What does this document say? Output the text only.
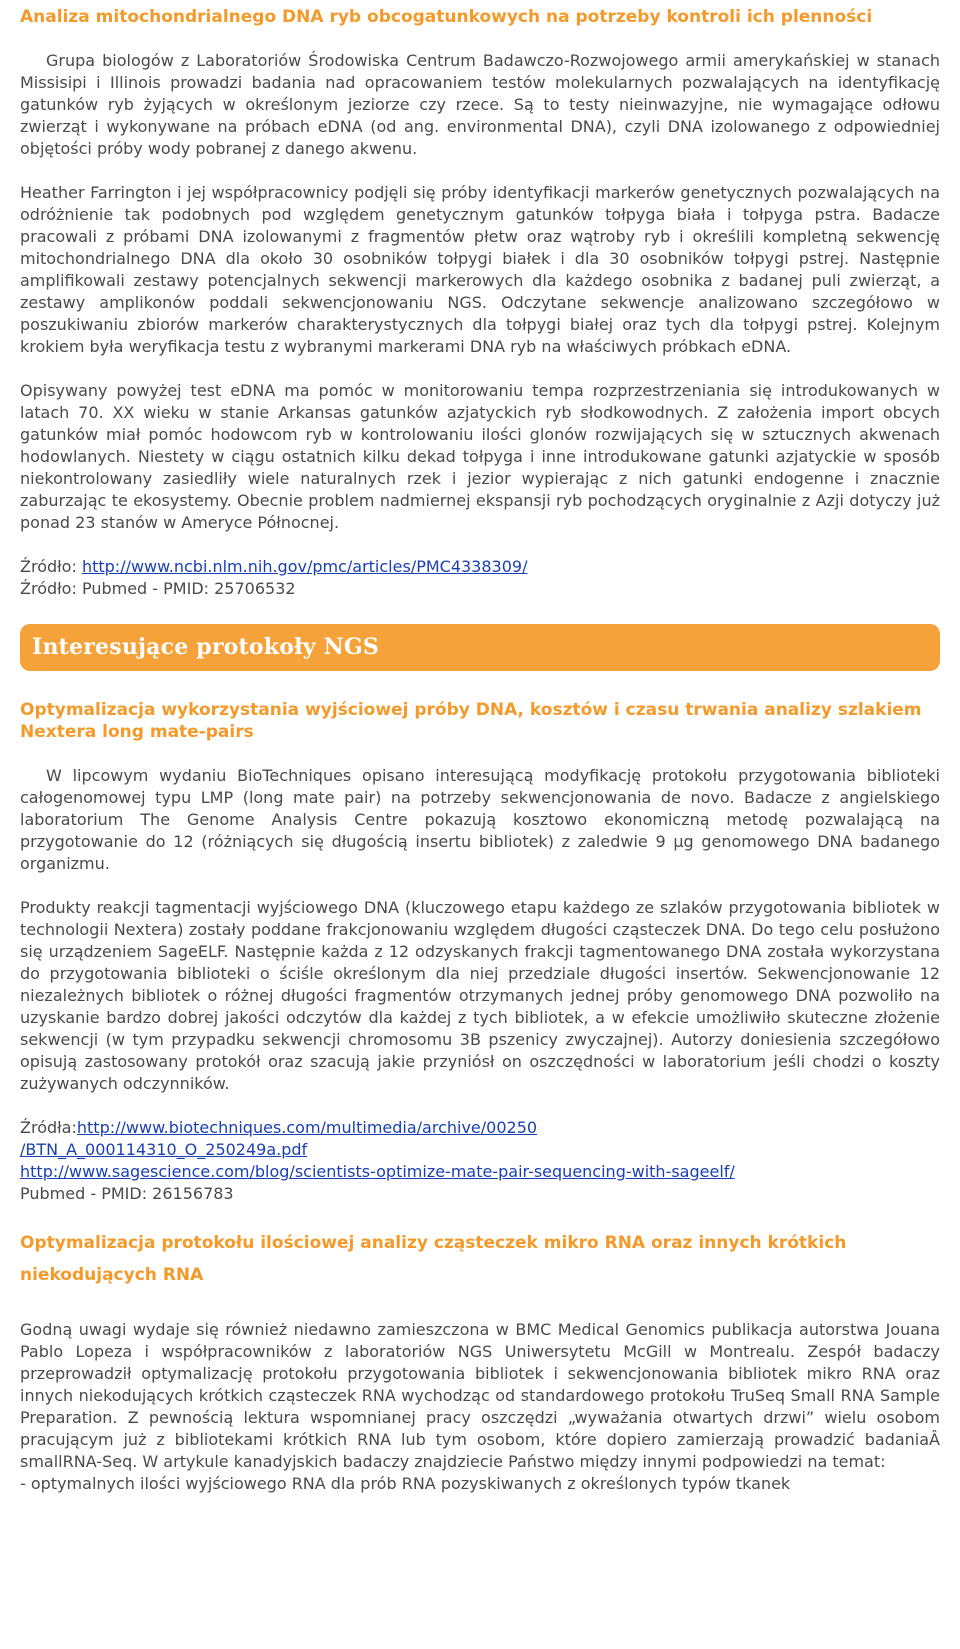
Analiza mitochondrialnego DNA ryb obcogatunkowych na potrzeby kontroli ich plenności

Grupa biologów z Laboratoriów Środowiska Centrum Badawczo-Rozwojowego armii amerykańskiej w stanach Missisipi i Illinois prowadzi badania nad opracowaniem testów molekularnych pozwalających na identyfikację gatunków ryb żyjących w określonym jeziorze czy rzece. Są to testy nieinwazyjne, nie wymagające odłowu zwierząt i wykonywane na próbach eDNA (od ang. environmental DNA), czyli DNA izolowanego z odpowiedniej objętości próby wody pobranej z danego akwenu.

Heather Farrington i jej współpracownicy podjęli się próby identyfikacji markerów genetycznych pozwalających na odróżnienie tak podobnych pod względem genetycznym gatunków tołpyga biała i tołpyga pstra. Badacze pracowali z próbami DNA izolowanymi z fragmentów płetw oraz wątroby ryb i określili kompletną sekwencję mitochondrialnego DNA dla około 30 osobników tołpygi białek i dla 30 osobników tołpygi pstrej. Następnie amplifikowali zestawy potencjalnych sekwencji markerowych dla każdego osobnika z badanej puli zwierząt, a zestawy amplikonów poddali sekwencjonowaniu NGS. Odczytane sekwencje analizowano szczegółowo w poszukiwaniu zbiorów markerów charakterystycznych dla tołpygi białej oraz tych dla tołpygi pstrej. Kolejnym krokiem była weryfikacja testu z wybranymi markerami DNA ryb na właściwych próbkach eDNA.

Opisywany powyżej test eDNA ma pomóc w monitorowaniu tempa rozprzestrzeniania się introdukowanych w latach 70. XX wieku w stanie Arkansas gatunków azjatyckich ryb słodkowodnych. Z założenia import obcych gatunków miał pomóc hodowcom ryb w kontrolowaniu ilości glonów rozwijających się w sztucznych akwenach hodowlanych. Niestety w ciągu ostatnich kilku dekad tołpyga i inne introdukowane gatunki azjatyckie w sposób niekontrolowany zasiedliły wiele naturalnych rzek i jezior wypierając z nich gatunki endogenne i znacznie zaburzając te ekosystemy. Obecnie problem nadmiernej ekspansji ryb pochodzących oryginalnie z Azji dotyczy już ponad 23 stanów w Ameryce Północnej.

Źródło: http://www.ncbi.nlm.nih.gov/pmc/articles/PMC4338309/
Źródło: Pubmed - PMID: 25706532
Interesujące protokoły NGS
Optymalizacja wykorzystania wyjściowej próby DNA, kosztów i czasu trwania analizy szlakiem Nextera long mate-pairs

W lipcowym wydaniu BioTechniques opisano interesującą modyfikację protokołu przygotowania biblioteki całogenomowej typu LMP (long mate pair) na potrzeby sekwencjonowania de novo. Badacze z angielskiego laboratorium The Genome Analysis Centre pokazują kosztowo ekonomiczną metodę pozwalającą na przygotowanie do 12 (różniących się długością insertu bibliotek) z zaledwie 9 µg genomowego DNA badanego organizmu.

Produkty reakcji tagmentacji wyjściowego DNA (kluczowego etapu każdego ze szlaków przygotowania bibliotek w technologii Nextera) zostały poddane frakcjonowaniu względem długości cząsteczek DNA. Do tego celu posłużono się urządzeniem SageELF. Następnie każda z 12 odzyskanych frakcji tagmentowanego DNA została wykorzystana do przygotowania biblioteki o ściśle określonym dla niej przedziale długości insertów. Sekwencjonowanie 12 niezależnych bibliotek o różnej długości fragmentów otrzymanych jednej próby genomowego DNA pozwoliło na uzyskanie bardzo dobrej jakości odczytów dla każdej z tych bibliotek, a w efekcie umożliwiło skuteczne złożenie sekwencji (w tym przypadku sekwencji chromosomu 3B pszenicy zwyczajnej). Autorzy doniesienia szczegółowo opisują zastosowany protokół oraz szacują jakie przyniósł on oszczędności w laboratorium jeśli chodzi o koszty zużywanych odczynników.

Źródła:http://www.biotechniques.com/multimedia/archive/00250
/BTN_A_000114310_O_250249a.pdf
http://www.sagescience.com/blog/scientists-optimize-mate-pair-sequencing-with-sageelf/
Pubmed - PMID: 26156783
Optymalizacja protokołu ilościowej analizy cząsteczek mikro RNA oraz innych krótkich niekodujących RNA

Godną uwagi wydaje się również niedawno zamieszczona w BMC Medical Genomics publikacja autorstwa Jouana Pablo Lopeza i współpracowników z laboratoriów NGS Uniwersytetu McGill w Montrealu. Zespół badaczy przeprowadził optymalizację protokołu przygotowania bibliotek i sekwencjonowania bibliotek mikro RNA oraz innych niekodujących krótkich cząsteczek RNA wychodząc od standardowego protokołu TruSeq Small RNA Sample Preparation. Z pewnością lektura wspomnianej pracy oszczędzi „wyważania otwartych drzwi” wielu osobom pracującym już z bibliotekami krótkich RNA lub tym osobom, które dopiero zamierzają prowadzić badaniaÂ smallRNA-Seq. W artykule kanadyjskich badaczy znajdziecie Państwo między innymi podpowiedzi na temat:

- optymalnych ilości wyjściowego RNA dla prób RNA pozyskiwanych z określonych typów tkanek
